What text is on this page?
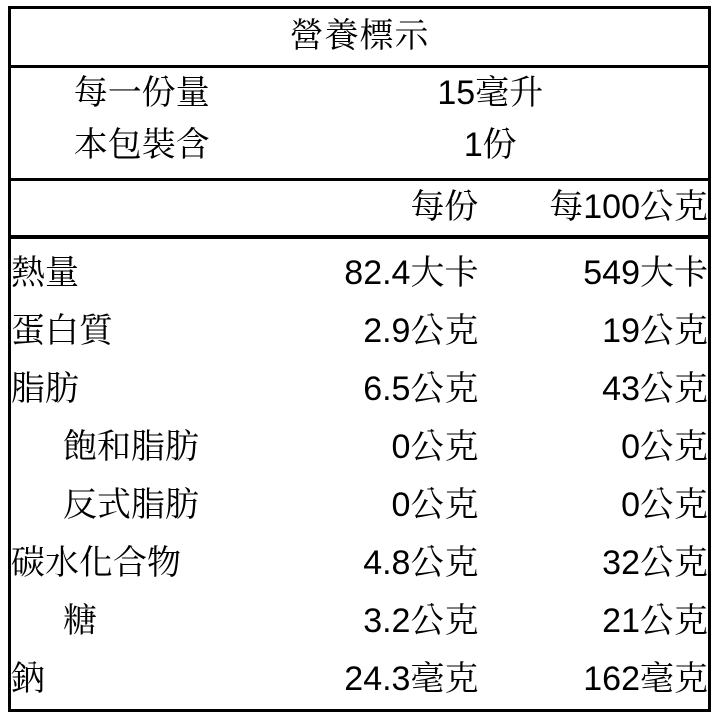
營養標示		
每一份量	15毫升	
本包裝含	1份	
	每份	每100公克
熱量	82.4大卡	549大卡
蛋白質	2.9公克	19公克
脂肪	6.5公克	43公克
飽和脂肪	0公克	0公克
反式脂肪	0公克	0公克
碳水化合物	4.8公克	32公克
糖	3.2公克	21公克
鈉	24.3毫克	162毫克
